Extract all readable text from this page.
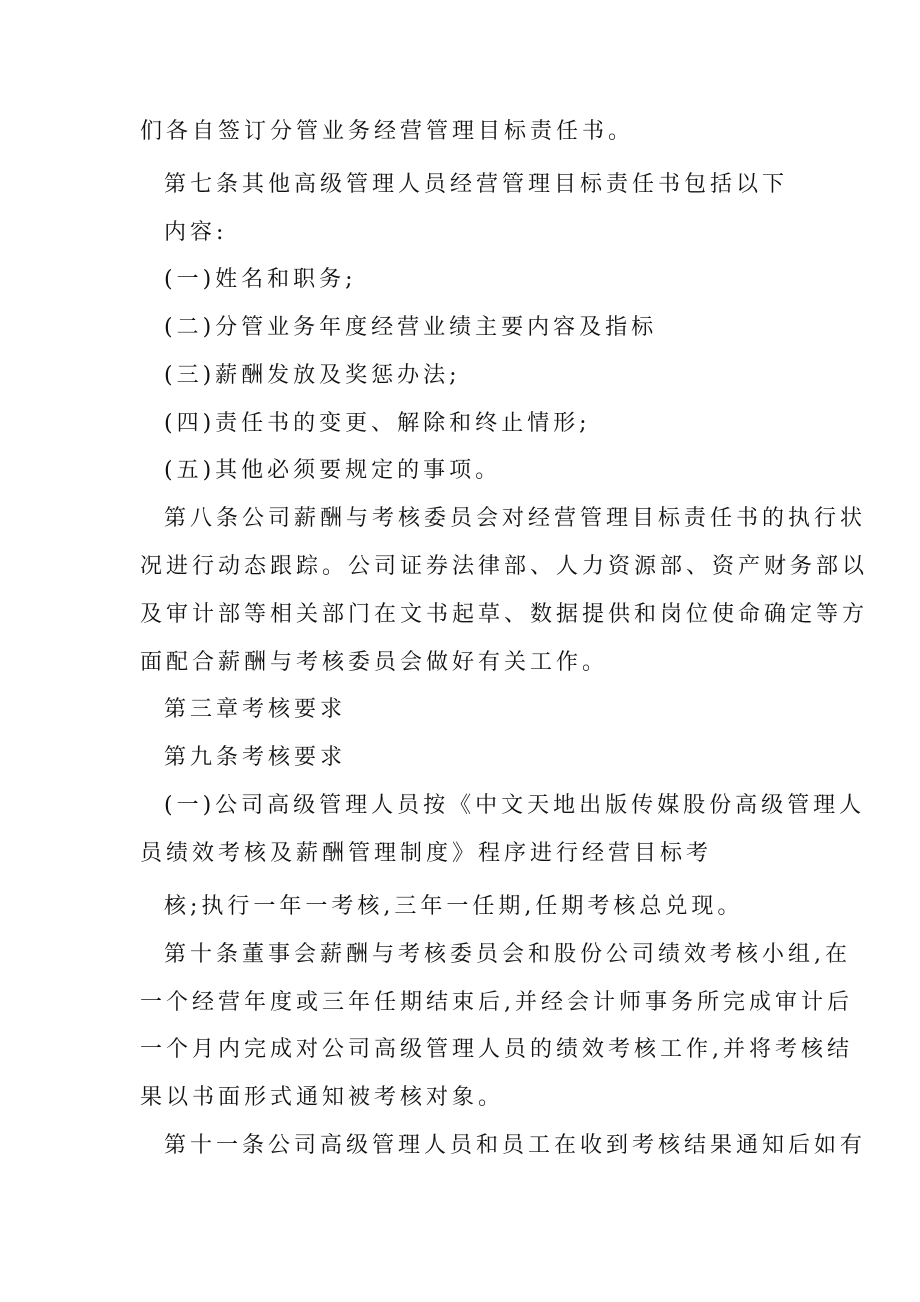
们各自签订分管业务经营管理目标责任书。
第七条其他高级管理人员经营管理目标责任书包括以下
内容:
(一)姓名和职务;
(二)分管业务年度经营业绩主要内容及指标
(三)薪酬发放及奖惩办法;
(四)责任书的变更、解除和终止情形;
(五)其他必须要规定的事项。
第八条公司薪酬与考核委员会对经营管理目标责任书的执行状
况进行动态跟踪。公司证券法律部、人力资源部、资产财务部以
及审计部等相关部门在文书起草、数据提供和岗位使命确定等方
面配合薪酬与考核委员会做好有关工作。
第三章考核要求
第九条考核要求
(一)公司高级管理人员按《中文天地出版传媒股份高级管理人
员绩效考核及薪酬管理制度》程序进行经营目标考
核;执行一年一考核,三年一任期,任期考核总兑现。
第十条董事会薪酬与考核委员会和股份公司绩效考核小组,在
一个经营年度或三年任期结束后,并经会计师事务所完成审计后
一个月内完成对公司高级管理人员的绩效考核工作,并将考核结
果以书面形式通知被考核对象。
第十一条公司高级管理人员和员工在收到考核结果通知后如有
